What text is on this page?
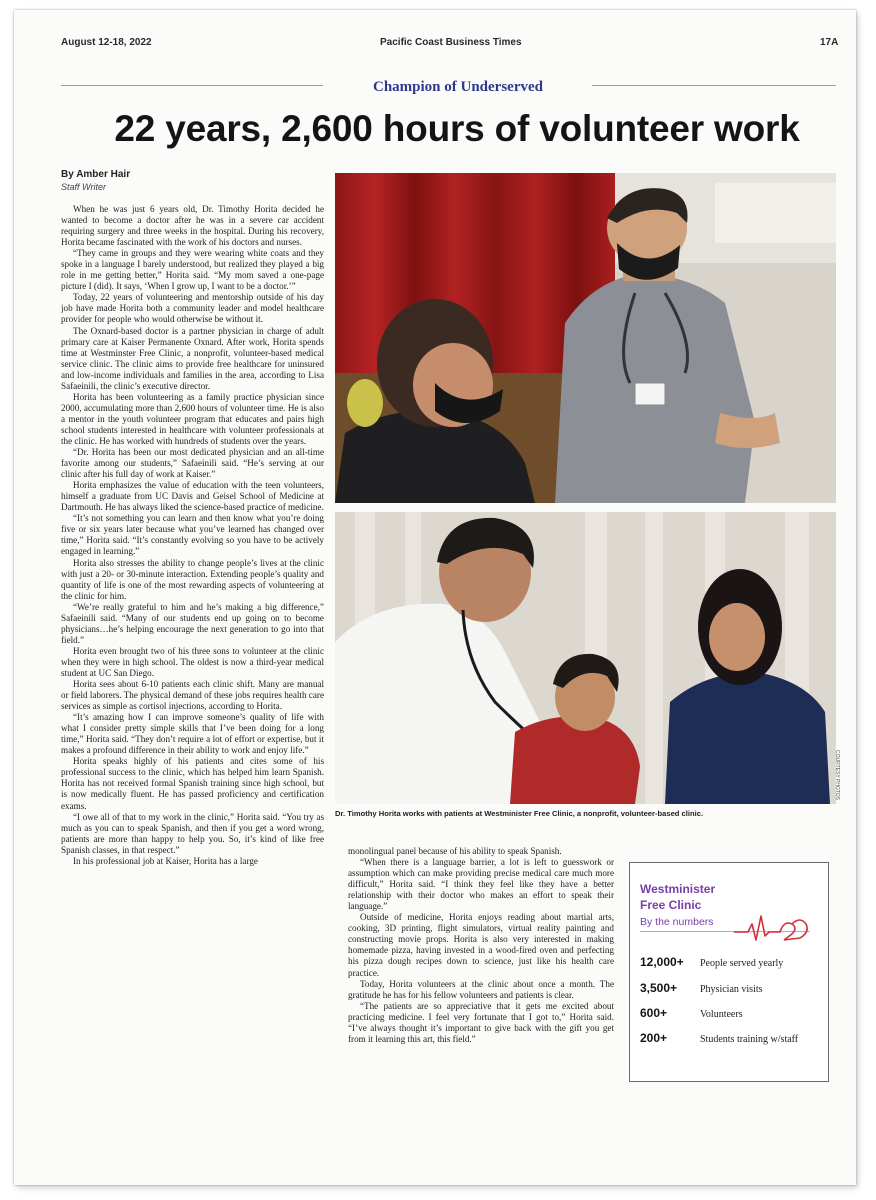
August 12-18, 2022	Pacific Coast Business Times	17A
Champion of Underserved
22 years, 2,600 hours of volunteer work
By Amber Hair
Staff Writer

When he was just 6 years old, Dr. Timothy Horita decided he wanted to become a doctor after he was in a severe car accident requiring surgery and three weeks in the hospital. During his recovery, Horita became fascinated with the work of his doctors and nurses.

“They came in groups and they were wearing white coats and they spoke in a language I barely understood, but realized they played a big role in me getting better,” Horita said. “My mom saved a one-page picture I (did). It says, ‘When I grow up, I want to be a doctor.’”

Today, 22 years of volunteering and mentorship outside of his day job have made Horita both a community leader and model healthcare provider for people who would otherwise be without it.

The Oxnard-based doctor is a partner physician in charge of adult primary care at Kaiser Permanente Oxnard. After work, Horita spends time at Westminster Free Clinic, a nonprofit, volunteer-based medical service clinic. The clinic aims to provide free healthcare for uninsured and low-income individuals and families in the area, according to Lisa Safaeinili, the clinic’s executive director.

Horita has been volunteering as a family practice physician since 2000, accumulating more than 2,600 hours of volunteer time. He is also a mentor in the youth volunteer program that educates and pairs high school students interested in healthcare with volunteer professionals at the clinic. He has worked with hundreds of students over the years.

“Dr. Horita has been our most dedicated physician and an all-time favorite among our students,” Safaeinili said. “He’s serving at our clinic after his full day of work at Kaiser.”

Horita emphasizes the value of education with the teen volunteers, himself a graduate from UC Davis and Geisel School of Medicine at Dartmouth. He has always liked the science-based practice of medicine.

“It’s not something you can learn and then know what you’re doing five or six years later because what you’ve learned has changed over time,” Horita said. “It’s constantly evolving so you have to be actively engaged in learning.”

Horita also stresses the ability to change people’s lives at the clinic with just a 20- or 30-minute interaction. Extending people’s quality and quantity of life is one of the most rewarding aspects of volunteering at the clinic for him.

“We’re really grateful to him and he’s making a big difference,” Safaeinili said. “Many of our students end up going on to become physicians…he’s helping encourage the next generation to go into that field.”

Horita even brought two of his three sons to volunteer at the clinic when they were in high school. The oldest is now a third-year medical student at UC San Diego.

Horita sees about 6-10 patients each clinic shift. Many are manual or field laborers. The physical demand of these jobs requires health care services as simple as cortisol injections, according to Horita.

“It’s amazing how I can improve someone’s quality of life with what I consider pretty simple skills that I’ve been doing for a long time,” Horita said. “They don’t require a lot of effort or expertise, but it makes a profound difference in their ability to work and enjoy life.”

Horita speaks highly of his patients and cites some of his professional success to the clinic, which has helped him learn Spanish. Horita has not received formal Spanish training since high school, but is now medically fluent. He has passed proficiency and certification exams.

“I owe all of that to my work in the clinic,” Horita said. “You try as much as you can to speak Spanish, and then if you get a word wrong, patients are more than happy to help you. So, it’s kind of like free Spanish classes, in that respect.”

In his professional job at Kaiser, Horita has a large

COURTESY PHOTOS
Dr. Timothy Horita works with patients at Westminister Free Clinic, a nonprofit, volunteer-based clinic.

monolingual panel because of his ability to speak Spanish.

“When there is a language barrier, a lot is left to guesswork or assumption which can make providing precise medical care much more difficult,” Horita said. “I think they feel like they have a better relationship with their doctor who makes an effort to speak their language.”

Outside of medicine, Horita enjoys reading about martial arts, cooking, 3D printing, flight simulators, virtual reality painting and constructing movie props. Horita is also very interested in making homemade pizza, having invested in a wood-fired oven and perfecting his pizza dough recipes down to science, just like his health care practice.

Today, Horita volunteers at the clinic about once a month. The gratitude he has for his fellow volunteers and patients is clear.

“The patients are so appreciative that it gets me excited about practicing medicine. I feel very fortunate that I got to,” Horita said. “I’ve always thought it’s important to give back with the gift you get from it learning this art, this field.”

Westminister
Free Clinic
By the numbers
12,000+	People served yearly
3,500+	Physician visits
600+	Volunteers
200+	Students training w/staff
